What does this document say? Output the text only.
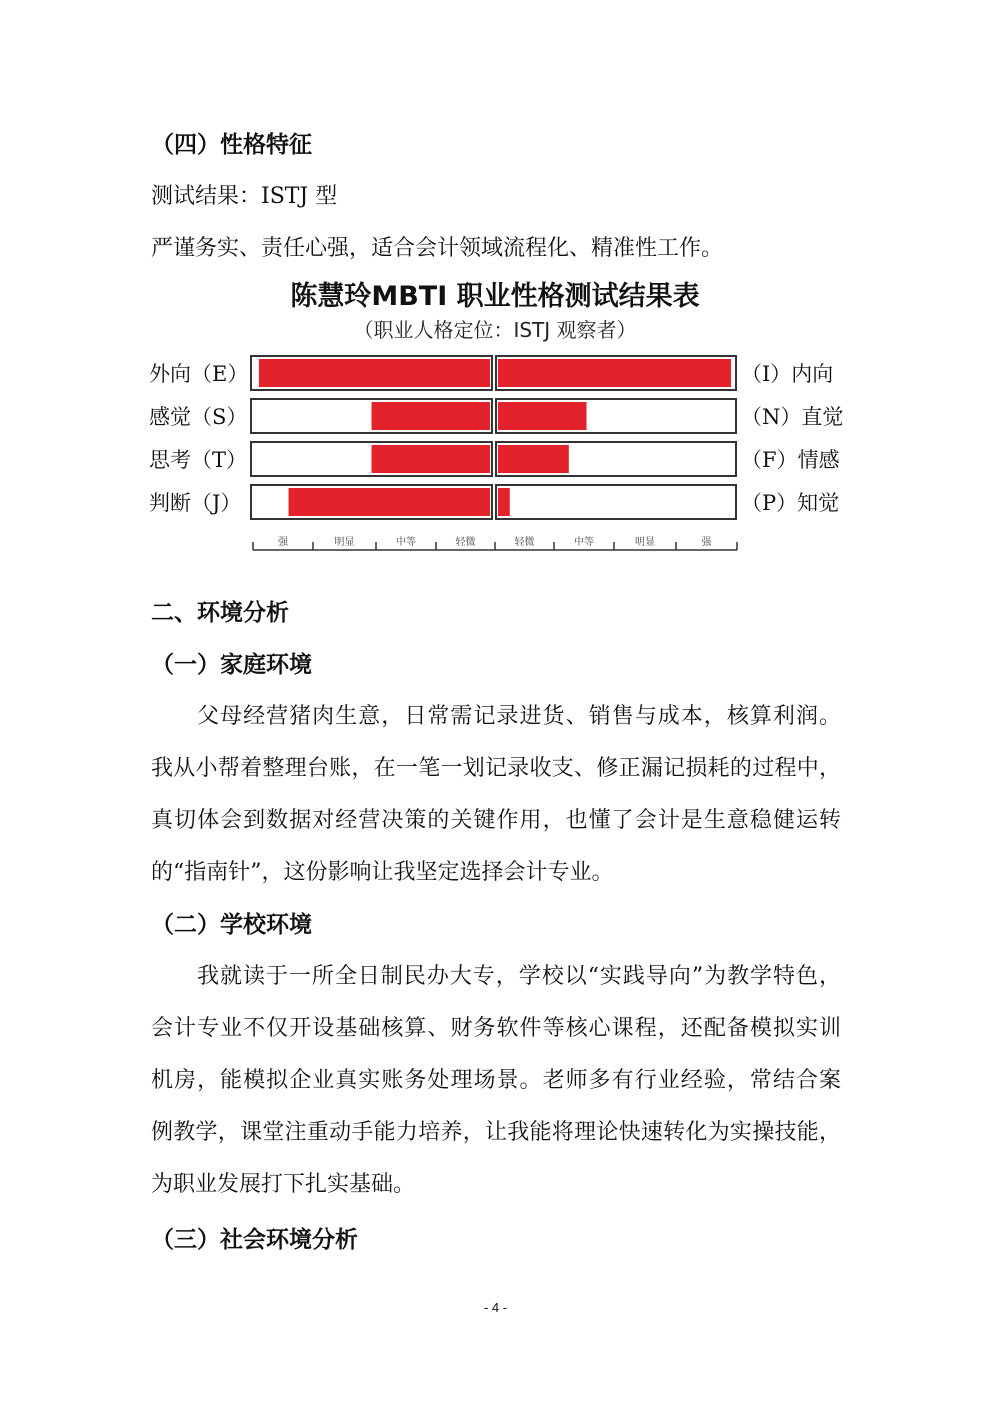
（四）性格特征
测试结果：ISTJ 型
严谨务实、责任心强，适合会计领域流程化、精准性工作。
陈慧玲MBTI 职业性格测试结果表
（职业人格定位：ISTJ 观察者）
外向（E）	（I）内向
感觉（S）	（N）直觉
思考（T）	（F）情感
判断（J）	（P）知觉
强	明显	中等	轻微	轻微	中等	明显	强
二、环境分析
（一）家庭环境
父母经营猪肉生意，日常需记录进货、销售与成本，核算利润。
我从小帮着整理台账，在一笔一划记录收支、修正漏记损耗的过程中，
真切体会到数据对经营决策的关键作用，也懂了会计是生意稳健运转
的“指南针”，这份影响让我坚定选择会计专业。
（二）学校环境
我就读于一所全日制民办大专，学校以“实践导向”为教学特色，
会计专业不仅开设基础核算、财务软件等核心课程，还配备模拟实训
机房，能模拟企业真实账务处理场景。老师多有行业经验，常结合案
例教学，课堂注重动手能力培养，让我能将理论快速转化为实操技能，
为职业发展打下扎实基础。
（三）社会环境分析
- 4 -
